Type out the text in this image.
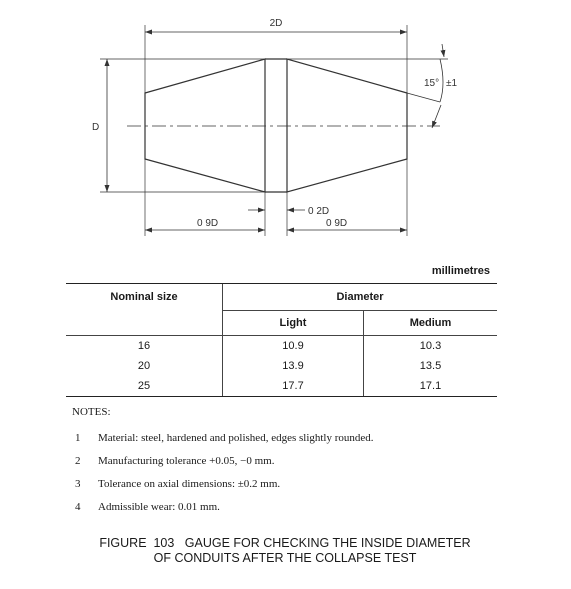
2D
D
15° ±1
0 2D
0 9D	0 9D
millimetres
Nominal size	Diameter	
	Light	Medium
16	10.9	10.3
20	13.9	13.5
25	17.7	17.1
NOTES:
1 Material: steel, hardened and polished, edges slightly rounded.
2 Manufacturing tolerance +0.05, −0 mm.
3 Tolerance on axial dimensions: ±0.2 mm.
4 Admissible wear: 0.01 mm.
FIGURE  103   GAUGE FOR CHECKING THE INSIDE DIAMETER
OF CONDUITS AFTER THE COLLAPSE TEST
